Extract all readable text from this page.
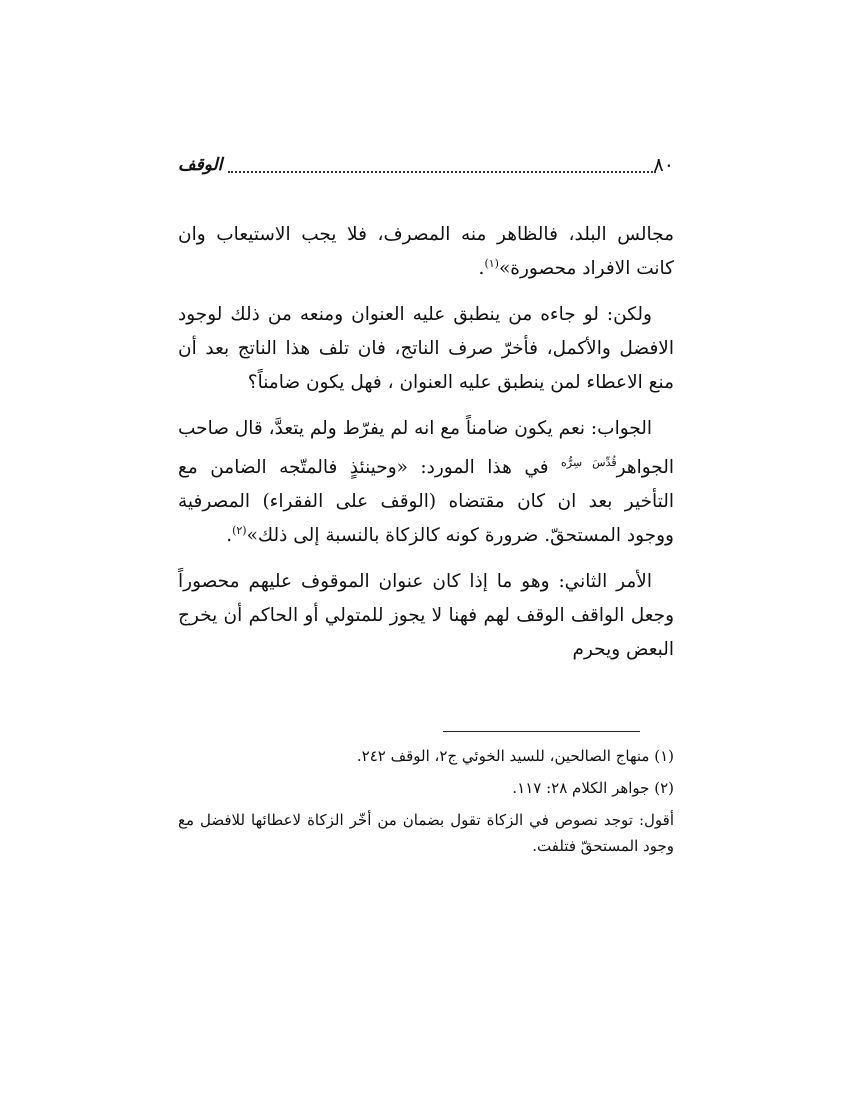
٨٠
الوقف

مجالس البلد، فالظاهر منه المصرف، فلا يجب الاستيعاب وان كانت الافراد محصورة»$^{(١)}$.

ولكن: لو جاءه من ينطبق عليه العنوان ومنعه من ذلك لوجود الافضل والأكمل، فأخرّ صرف الناتج، فان تلف هذا الناتج بعد أن منع الاعطاء لمن ينطبق عليه العنوان ، فهل يكون ضامناً؟

الجواب: نعم يكون ضامناً مع انه لم يفرّط ولم يتعدَّ، قال صاحب الجواهر$^{قُدِّسَ سِرُّه}$ في هذا المورد: «وحينئذٍ فالمتّجه الضامن مع التأخير بعد ان كان مقتضاه (الوقف على الفقراء) المصرفية ووجود المستحقّ. ضرورة كونه كالزكاة بالنسبة إلى ذلك»$^{(٢)}$.

الأمر الثاني: وهو ما إذا كان عنوان الموقوف عليهم محصوراً وجعل الواقف الوقف لهم فهنا لا يجوز للمتولي أو الحاكم أن يخرج البعض ويحرم

(١) منهاج الصالحين، للسيد الخوئي ج٢، الوقف ٢٤٢.

(٢) جواهر الكلام ٢٨: ١١٧.

أقول: توجد نصوص في الزكاة تقول بضمان من أخّر الزكاة لاعطائها للافضل مع وجود المستحقّ فتلفت.
